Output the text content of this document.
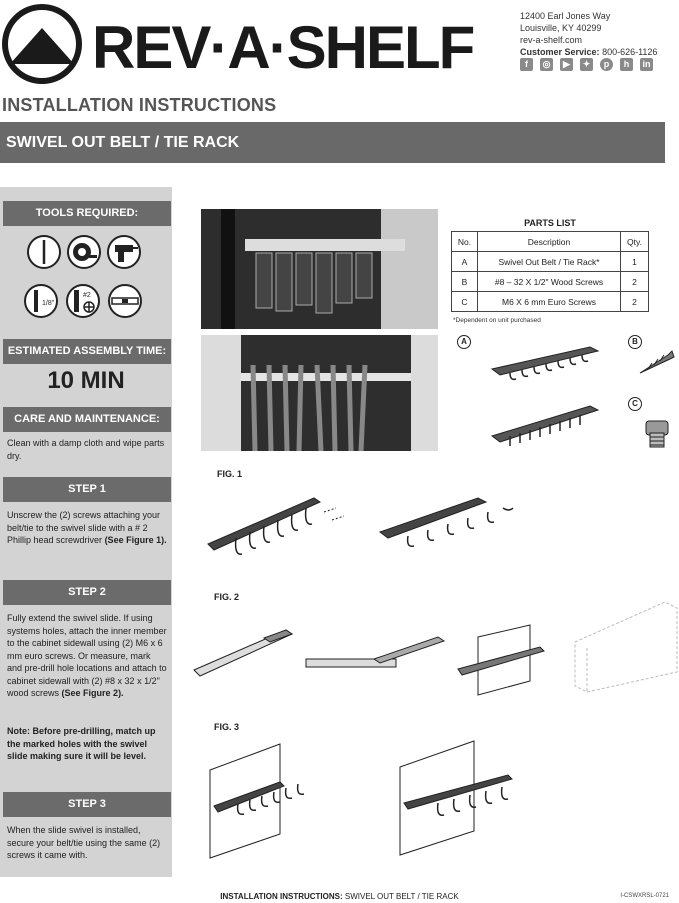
REV·A·SHELF	12400 Earl Jones Way
Louisville, KY 40299
rev-a-shelf.com
Customer Service: 800-626-1126
f	◎	▶	✦	p	h	in
INSTALLATION INSTRUCTIONS
SWIVEL OUT BELT / TIE RACK
TOOLS REQUIRED:
1/8"
#2
ESTIMATED ASSEMBLY TIME:
10 MIN
CARE AND MAINTENANCE:
Clean with a damp cloth and wipe parts dry.
STEP 1
Unscrew the (2) screws attaching your belt/tie to the swivel slide with a # 2 Phillip head screwdriver (See Figure 1).
STEP 2
Fully extend the swivel slide. If using systems holes, attach the inner member to the cabinet sidewall using (2) M6 x 6 mm euro screws. Or measure, mark and pre-drill hole locations and attach to cabinet sidewall with (2) #8 x 32 x 1/2" wood screws (See Figure 2).
Note: Before pre-drilling, match up the marked holes with the swivel slide making sure it will be level.
STEP 3
When the slide swivel is installed, secure your belt/tie using the same (2) screws it came with.
PARTS LIST
No.	Description	Qty.
A	Swivel Out Belt / Tie Rack*	1
B	#8 – 32 X 1/2" Wood Screws	2
C	M6 X 6 mm Euro Screws	2
*Dependent on unit purchased
A	B
C
FIG. 1
FIG. 2
FIG. 3
INSTALLATION INSTRUCTIONS: SWIVEL OUT BELT / TIE RACK	I-CSWXRSL-0721
